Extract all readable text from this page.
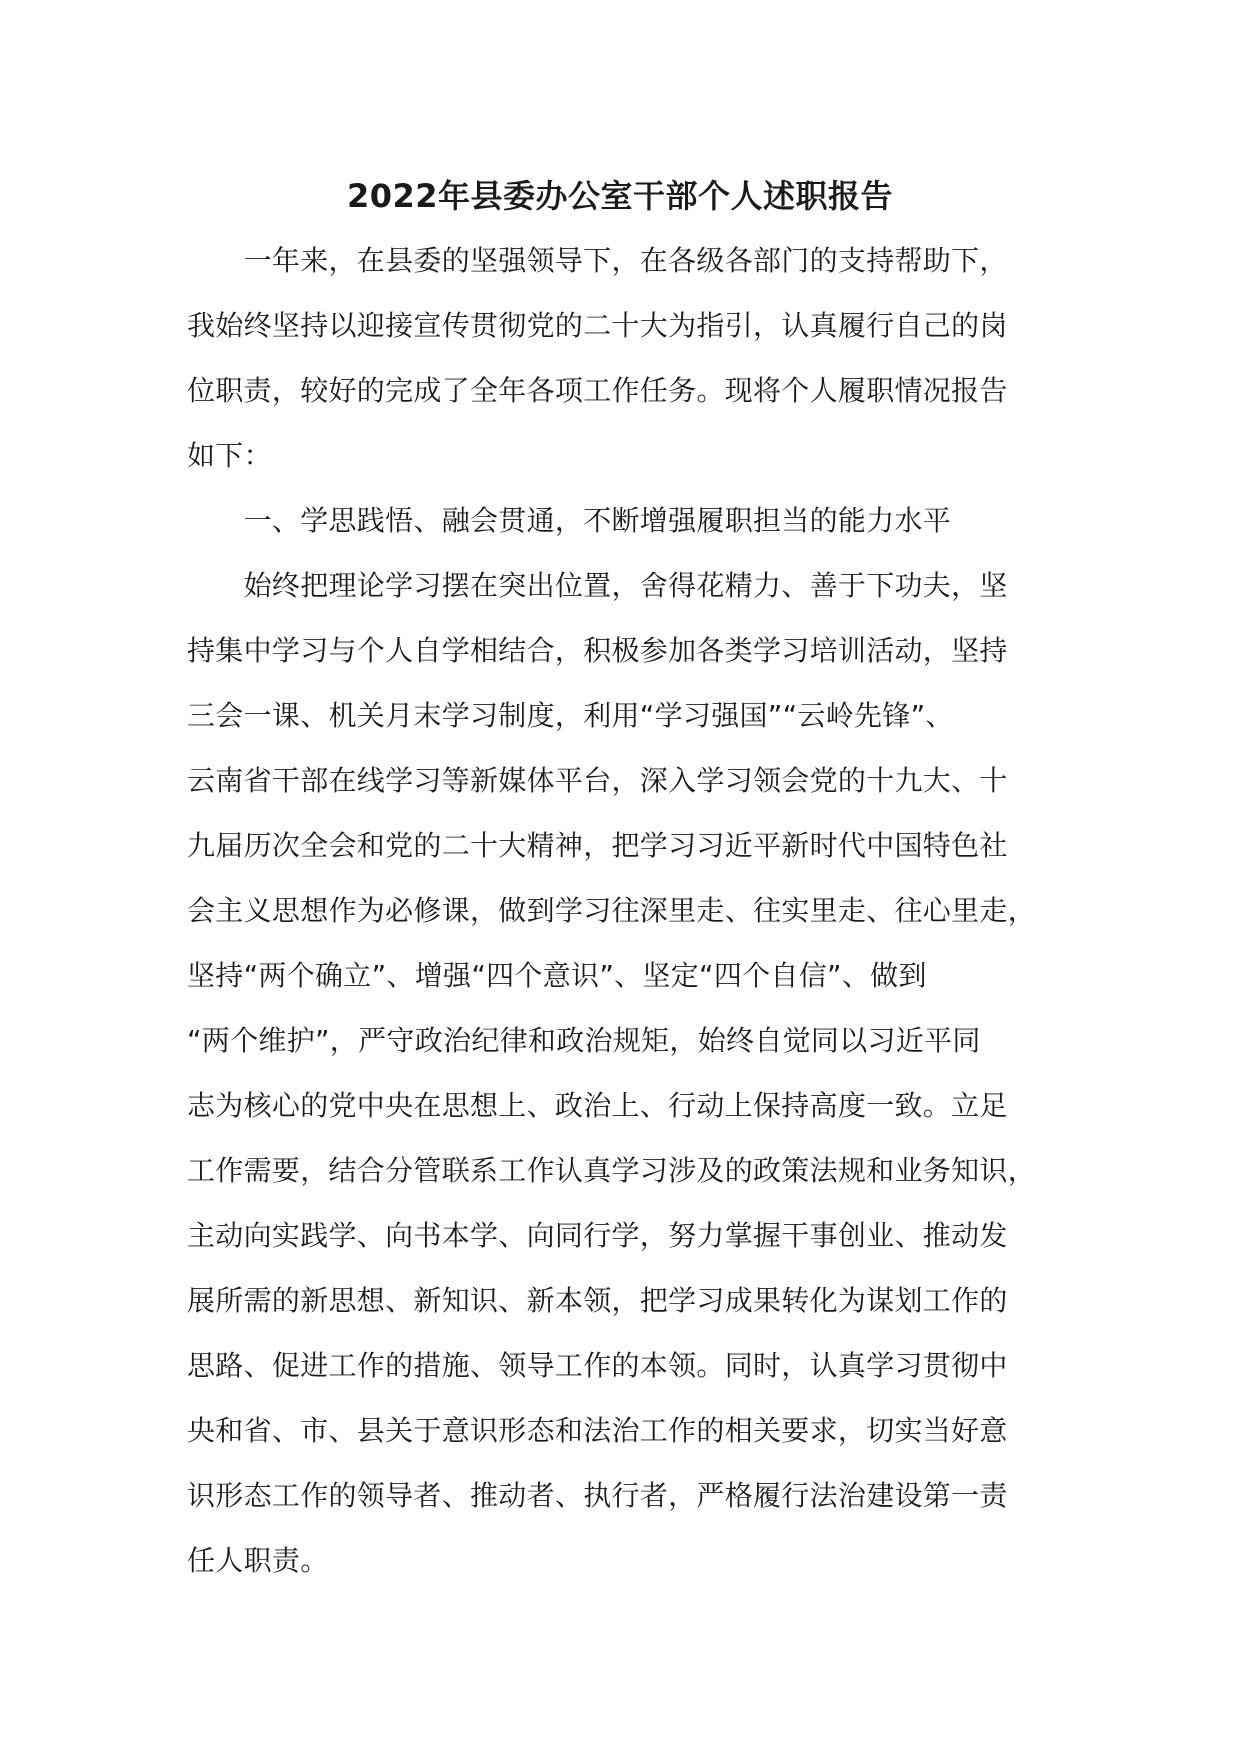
2022年县委办公室干部个人述职报告
　　一年来，在县委的坚强领导下，在各级各部门的支持帮助下，
我始终坚持以迎接宣传贯彻党的二十大为指引，认真履行自己的岗
位职责，较好的完成了全年各项工作任务。现将个人履职情况报告
如下：
　　一、学思践悟、融会贯通，不断增强履职担当的能力水平
　　始终把理论学习摆在突出位置，舍得花精力、善于下功夫，坚
持集中学习与个人自学相结合，积极参加各类学习培训活动，坚持
三会一课、机关月末学习制度，利用“学习强国”“云岭先锋”、
云南省干部在线学习等新媒体平台，深入学习领会党的十九大、十
九届历次全会和党的二十大精神，把学习习近平新时代中国特色社
会主义思想作为必修课，做到学习往深里走、往实里走、往心里走，
坚持“两个确立”、增强“四个意识”、坚定“四个自信”、做到
“两个维护”，严守政治纪律和政治规矩，始终自觉同以习近平同
志为核心的党中央在思想上、政治上、行动上保持高度一致。立足
工作需要，结合分管联系工作认真学习涉及的政策法规和业务知识，
主动向实践学、向书本学、向同行学，努力掌握干事创业、推动发
展所需的新思想、新知识、新本领，把学习成果转化为谋划工作的
思路、促进工作的措施、领导工作的本领。同时，认真学习贯彻中
央和省、市、县关于意识形态和法治工作的相关要求，切实当好意
识形态工作的领导者、推动者、执行者，严格履行法治建设第一责
任人职责。
